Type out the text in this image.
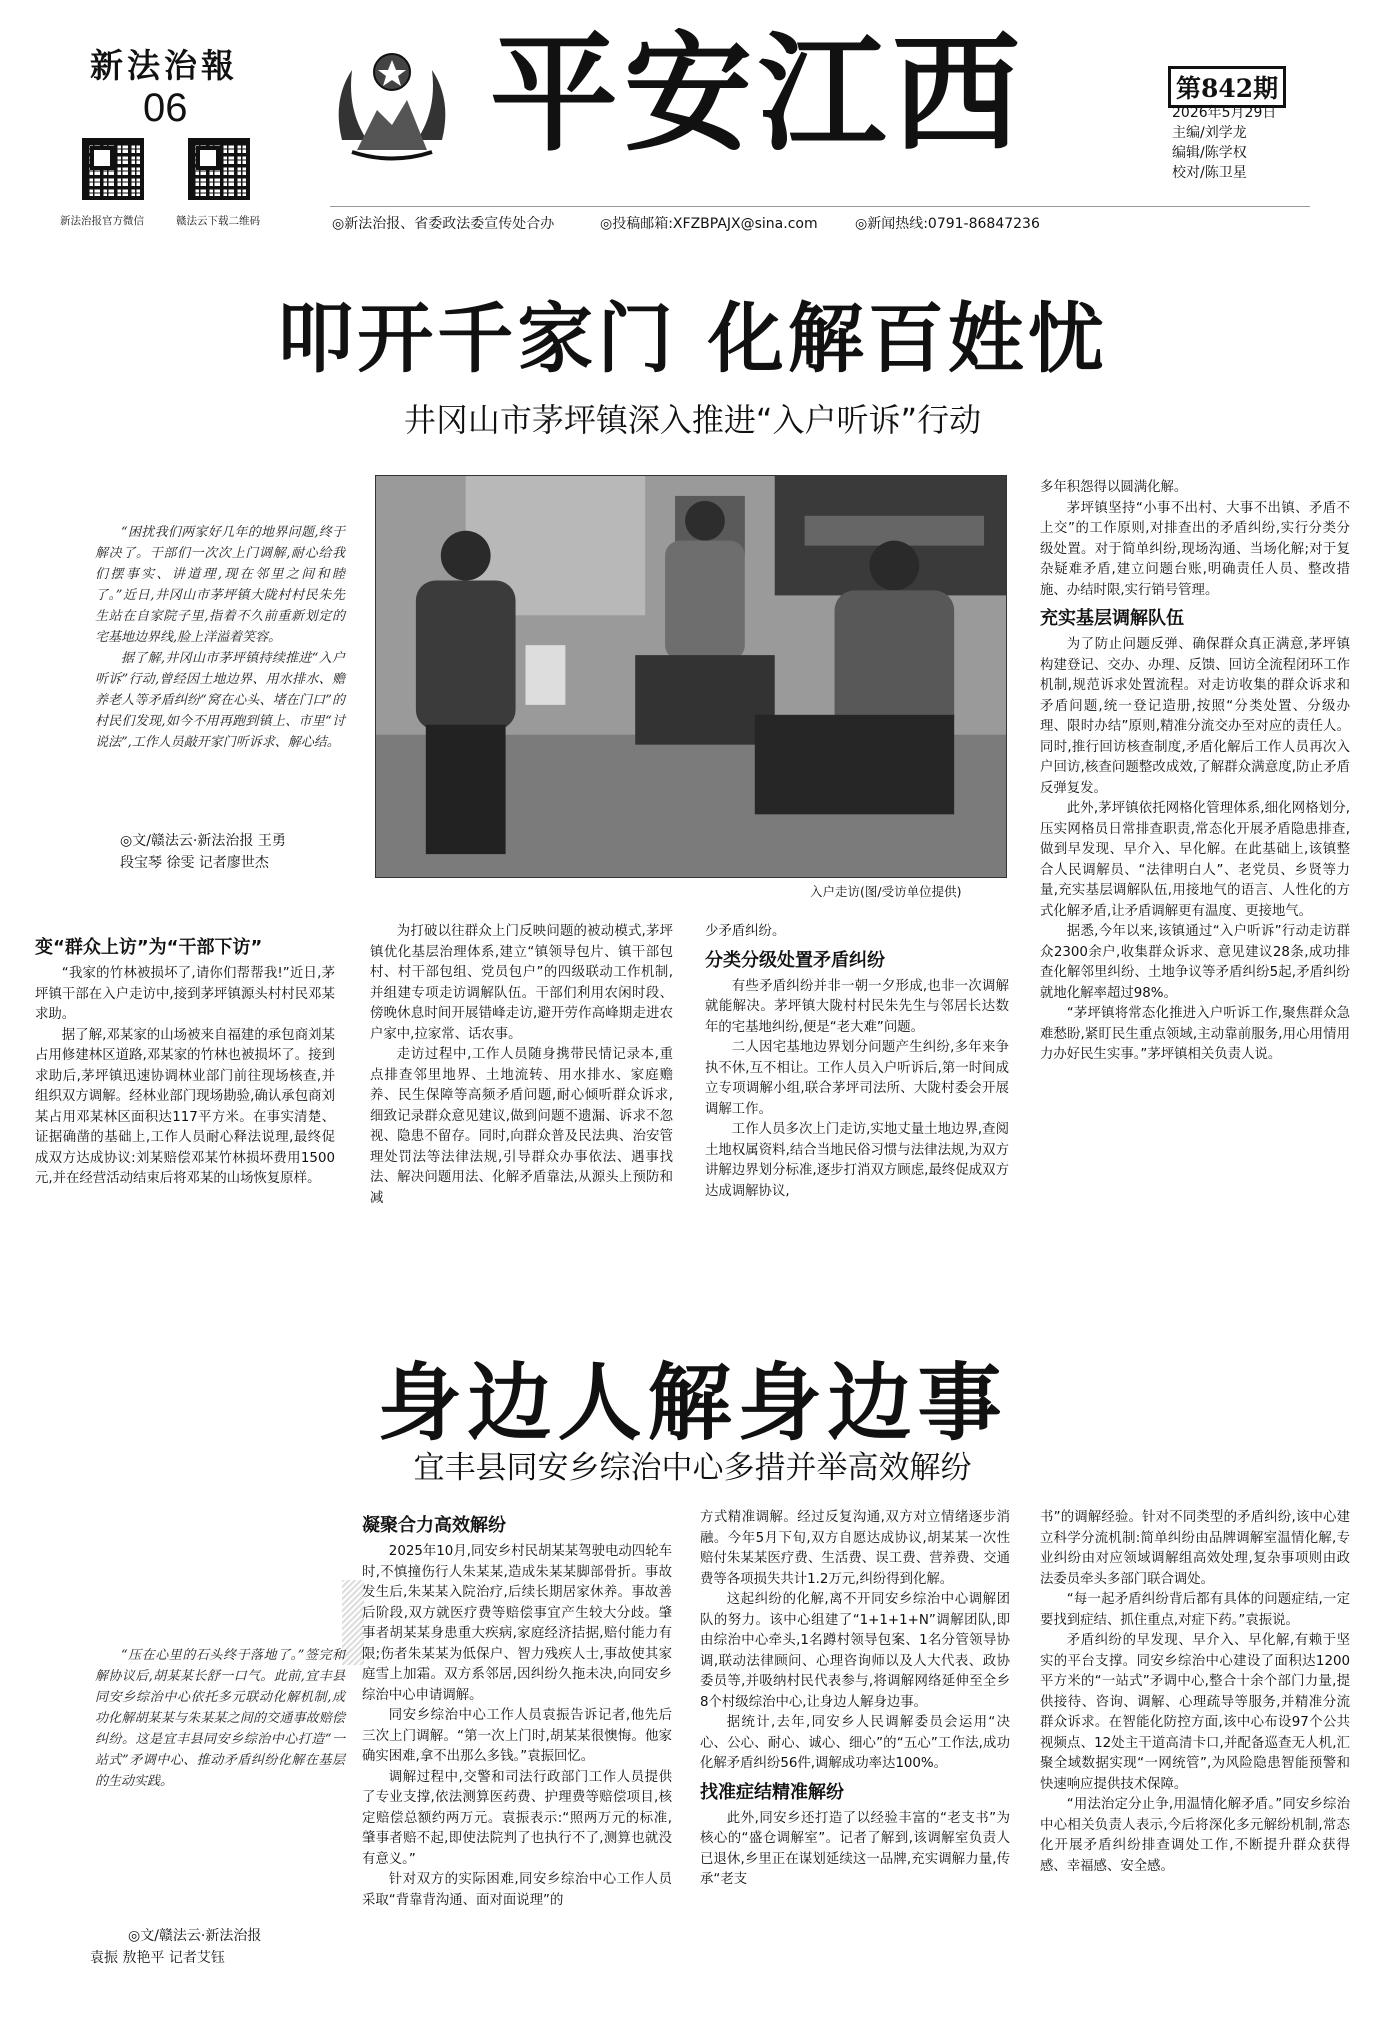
新法治報
06
新法治报官方微信	赣法云下载二维码
平安江西	第842期
2026年5月29日
主编/刘学龙
编辑/陈学权
校对/陈卫星
◎新法治报、省委政法委宣传处合办	◎投稿邮箱:XFZBPAJX@sina.com	◎新闻热线:0791-86847236
叩开千家门 化解百姓忧
井冈山市茅坪镇深入推进“入户听诉”行动

“困扰我们两家好几年的地界问题,终于解决了。干部们一次次上门调解,耐心给我们摆事实、讲道理,现在邻里之间和睦了。”近日,井冈山市茅坪镇大陇村村民朱先生站在自家院子里,指着不久前重新划定的宅基地边界线,脸上洋溢着笑容。

据了解,井冈山市茅坪镇持续推进“入户听诉”行动,曾经因土地边界、用水排水、赡养老人等矛盾纠纷“窝在心头、堵在门口”的村民们发现,如今不用再跑到镇上、市里“讨说法”,工作人员敲开家门听诉求、解心结。

◎文/赣法云·新法治报 王勇
段宝琴 徐雯 记者廖世杰
入户走访(图/受访单位提供)
变“群众上访”为“干部下访”

“我家的竹林被损坏了,请你们帮帮我!”近日,茅坪镇干部在入户走访中,接到茅坪镇源头村村民邓某求助。

据了解,邓某家的山场被来自福建的承包商刘某占用修建林区道路,邓某家的竹林也被损坏了。接到求助后,茅坪镇迅速协调林业部门前往现场核查,并组织双方调解。经林业部门现场勘验,确认承包商刘某占用邓某林区面积达117平方米。在事实清楚、证据确凿的基础上,工作人员耐心释法说理,最终促成双方达成协议:刘某赔偿邓某竹林损坏费用1500元,并在经营活动结束后将邓某的山场恢复原样。

为打破以往群众上门反映问题的被动模式,茅坪镇优化基层治理体系,建立“镇领导包片、镇干部包村、村干部包组、党员包户”的四级联动工作机制,并组建专项走访调解队伍。干部们利用农闲时段、傍晚休息时间开展错峰走访,避开劳作高峰期走进农户家中,拉家常、话农事。

走访过程中,工作人员随身携带民情记录本,重点排查邻里地界、土地流转、用水排水、家庭赡养、民生保障等高频矛盾问题,耐心倾听群众诉求,细致记录群众意见建议,做到问题不遗漏、诉求不忽视、隐患不留存。同时,向群众普及民法典、治安管理处罚法等法律法规,引导群众办事依法、遇事找法、解决问题用法、化解矛盾靠法,从源头上预防和减

少矛盾纠纷。
分类分级处置矛盾纠纷

有些矛盾纠纷并非一朝一夕形成,也非一次调解就能解决。茅坪镇大陇村村民朱先生与邻居长达数年的宅基地纠纷,便是“老大难”问题。

二人因宅基地边界划分问题产生纠纷,多年来争执不休,互不相让。工作人员入户听诉后,第一时间成立专项调解小组,联合茅坪司法所、大陇村委会开展调解工作。

工作人员多次上门走访,实地丈量土地边界,查阅土地权属资料,结合当地民俗习惯与法律法规,为双方讲解边界划分标准,逐步打消双方顾虑,最终促成双方达成调解协议,

多年积怨得以圆满化解。

茅坪镇坚持“小事不出村、大事不出镇、矛盾不上交”的工作原则,对排查出的矛盾纠纷,实行分类分级处置。对于简单纠纷,现场沟通、当场化解;对于复杂疑难矛盾,建立问题台账,明确责任人员、整改措施、办结时限,实行销号管理。

充实基层调解队伍

为了防止问题反弹、确保群众真正满意,茅坪镇构建登记、交办、办理、反馈、回访全流程闭环工作机制,规范诉求处置流程。对走访收集的群众诉求和矛盾问题,统一登记造册,按照“分类处置、分级办理、限时办结”原则,精准分流交办至对应的责任人。同时,推行回访核查制度,矛盾化解后工作人员再次入户回访,核查问题整改成效,了解群众满意度,防止矛盾反弹复发。

此外,茅坪镇依托网格化管理体系,细化网格划分,压实网格员日常排查职责,常态化开展矛盾隐患排查,做到早发现、早介入、早化解。在此基础上,该镇整合人民调解员、“法律明白人”、老党员、乡贤等力量,充实基层调解队伍,用接地气的语言、人性化的方式化解矛盾,让矛盾调解更有温度、更接地气。

据悉,今年以来,该镇通过“入户听诉”行动走访群众2300余户,收集群众诉求、意见建议28条,成功排查化解邻里纠纷、土地争议等矛盾纠纷5起,矛盾纠纷就地化解率超过98%。

“茅坪镇将常态化推进入户听诉工作,聚焦群众急难愁盼,紧盯民生重点领域,主动靠前服务,用心用情用力办好民生实事。”茅坪镇相关负责人说。

身边人解身边事
宜丰县同安乡综治中心多措并举高效解纷

“压在心里的石头终于落地了。”签完和解协议后,胡某某长舒一口气。此前,宜丰县同安乡综治中心依托多元联动化解机制,成功化解胡某某与朱某某之间的交通事故赔偿纠纷。这是宜丰县同安乡综治中心打造“一站式”矛调中心、推动矛盾纠纷化解在基层的生动实践。

◎文/赣法云·新法治报
袁振 敖艳平 记者艾钰
凝聚合力高效解纷

2025年10月,同安乡村民胡某某驾驶电动四轮车时,不慎撞伤行人朱某某,造成朱某某脚部骨折。事故发生后,朱某某入院治疗,后续长期居家休养。事故善后阶段,双方就医疗费等赔偿事宜产生较大分歧。肇事者胡某某身患重大疾病,家庭经济拮据,赔付能力有限;伤者朱某某为低保户、智力残疾人士,事故使其家庭雪上加霜。双方系邻居,因纠纷久拖未决,向同安乡综治中心申请调解。

同安乡综治中心工作人员袁振告诉记者,他先后三次上门调解。“第一次上门时,胡某某很懊悔。他家确实困难,拿不出那么多钱。”袁振回忆。

调解过程中,交警和司法行政部门工作人员提供了专业支撑,依法测算医药费、护理费等赔偿项目,核定赔偿总额约两万元。袁振表示:“照两万元的标准,肇事者赔不起,即使法院判了也执行不了,测算也就没有意义。”

针对双方的实际困难,同安乡综治中心工作人员采取“背靠背沟通、面对面说理”的

方式精准调解。经过反复沟通,双方对立情绪逐步消融。今年5月下旬,双方自愿达成协议,胡某某一次性赔付朱某某医疗费、生活费、误工费、营养费、交通费等各项损失共计1.2万元,纠纷得到化解。

这起纠纷的化解,离不开同安乡综治中心调解团队的努力。该中心组建了“1+1+1+N”调解团队,即由综治中心牵头,1名蹲村领导包案、1名分管领导协调,联动法律顾问、心理咨询师以及人大代表、政协委员等,并吸纳村民代表参与,将调解网络延伸至全乡8个村级综治中心,让身边人解身边事。

据统计,去年,同安乡人民调解委员会运用“决心、公心、耐心、诚心、细心”的“五心”工作法,成功化解矛盾纠纷56件,调解成功率达100%。

找准症结精准解纷

此外,同安乡还打造了以经验丰富的“老支书”为核心的“盛仓调解室”。记者了解到,该调解室负责人已退休,乡里正在谋划延续这一品牌,充实调解力量,传承“老支

书”的调解经验。针对不同类型的矛盾纠纷,该中心建立科学分流机制:简单纠纷由品牌调解室温情化解,专业纠纷由对应领域调解组高效处理,复杂事项则由政法委员牵头多部门联合调处。

“每一起矛盾纠纷背后都有具体的问题症结,一定要找到症结、抓住重点,对症下药。”袁振说。

矛盾纠纷的早发现、早介入、早化解,有赖于坚实的平台支撑。同安乡综治中心建设了面积达1200平方米的“一站式”矛调中心,整合十余个部门力量,提供接待、咨询、调解、心理疏导等服务,并精准分流群众诉求。在智能化防控方面,该中心布设97个公共视频点、12处主干道高清卡口,并配备巡查无人机,汇聚全域数据实现“一网统管”,为风险隐患智能预警和快速响应提供技术保障。

“用法治定分止争,用温情化解矛盾。”同安乡综治中心相关负责人表示,今后将深化多元解纷机制,常态化开展矛盾纠纷排查调处工作,不断提升群众获得感、幸福感、安全感。
